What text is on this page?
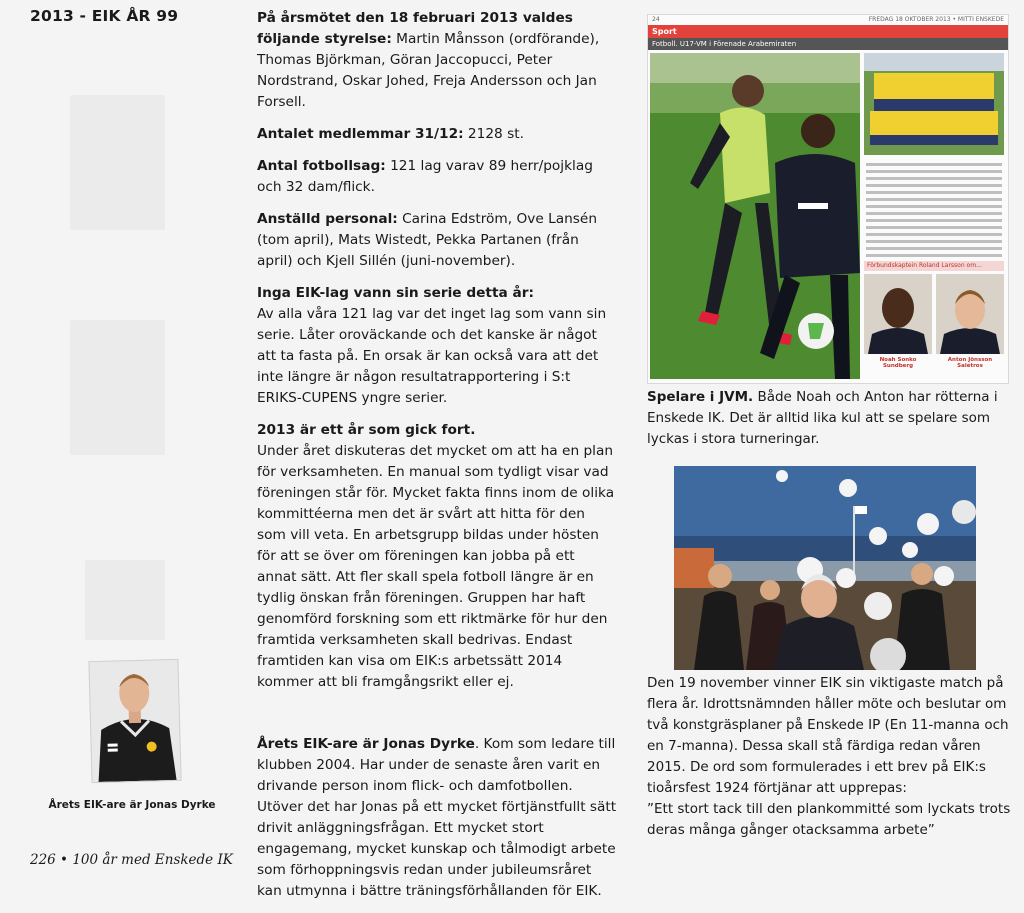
2013 - EIK ÅR 99
Årets EIK-are är Jonas Dyrke
226 • 100 år med Enskede IK

På årsmötet den 18 februari 2013 valdes följande styrelse: Martin Månsson (ordförande), Thomas Björkman, Göran Jaccopucci, Peter Nordstrand, Oskar Johed, Freja Andersson och Jan Forsell.

Antalet medlemmar 31/12: 2128 st.

Antal fotbollsag: 121 lag varav 89 herr/pojklag och 32 dam/flick.

Anställd personal: Carina Edström, Ove Lansén (tom april), Mats Wistedt, Pekka Partanen (från april) och Kjell Sillén (juni-november).

Inga EIK-lag vann sin serie detta år:
Av alla våra 121 lag var det inget lag som vann sin serie. Låter oroväckande och det kanske är något att ta fasta på. En orsak är kan också vara att det inte längre är någon resultatrapportering i S:t ERIKS-CUPENS yngre serier.

2013 är ett år som gick fort.
Under året diskuteras det mycket om att ha en plan för verksamheten. En manual som tydligt visar vad föreningen står för. Mycket fakta finns inom de olika kommittéerna men det är svårt att hitta för den som vill veta. En arbetsgrupp bildas under hösten för att se över om föreningen kan jobba på ett annat sätt. Att fler skall spela fotboll längre är en tydlig önskan från föreningen. Gruppen har haft genomförd forskning som ett riktmärke för hur den framtida verksamheten skall bedrivas. Endast framtiden kan visa om EIK:s arbetssätt 2014 kommer att bli framgångsrikt eller ej.

Årets EIK-are är Jonas Dyrke. Kom som ledare till klubben 2004. Har under de senaste åren varit en drivande person inom flick- och damfotbollen. Utöver det har Jonas på ett mycket förtjänstfullt sätt drivit anläggningsfrågan. Ett mycket stort engagemang, mycket kunskap och tålmodigt arbete som förhoppningsvis redan under jubileumsråret kan utmynna i bättre träningsförhållanden för EIK.

24	FREDAG 18 OKTOBER 2013 • MITTI ENSKEDE
Sport
Fotboll. U17-VM i Förenade Arabemiraten
Förbundskaptein Roland Larsson om...
Noah Sonko Sundberg
Anton Jönsson Salétros
Spelare i JVM. Både Noah och Anton har rötterna i Enskede IK. Det är alltid lika kul att se spelare som lyckas i stora turneringar.
Den 19 november vinner EIK sin viktigaste match på flera år. Idrottsnämnden håller möte och beslutar om två konstgräsplaner på Enskede IP (En 11-manna och en 7-manna). Dessa skall stå färdiga redan våren 2015. De ord som formulerades i ett brev på EIK:s tioårsfest 1924 förtjänar att upprepas:
”Ett stort tack till den plankommitté som lyckats trots deras många gånger otacksamma arbete”
